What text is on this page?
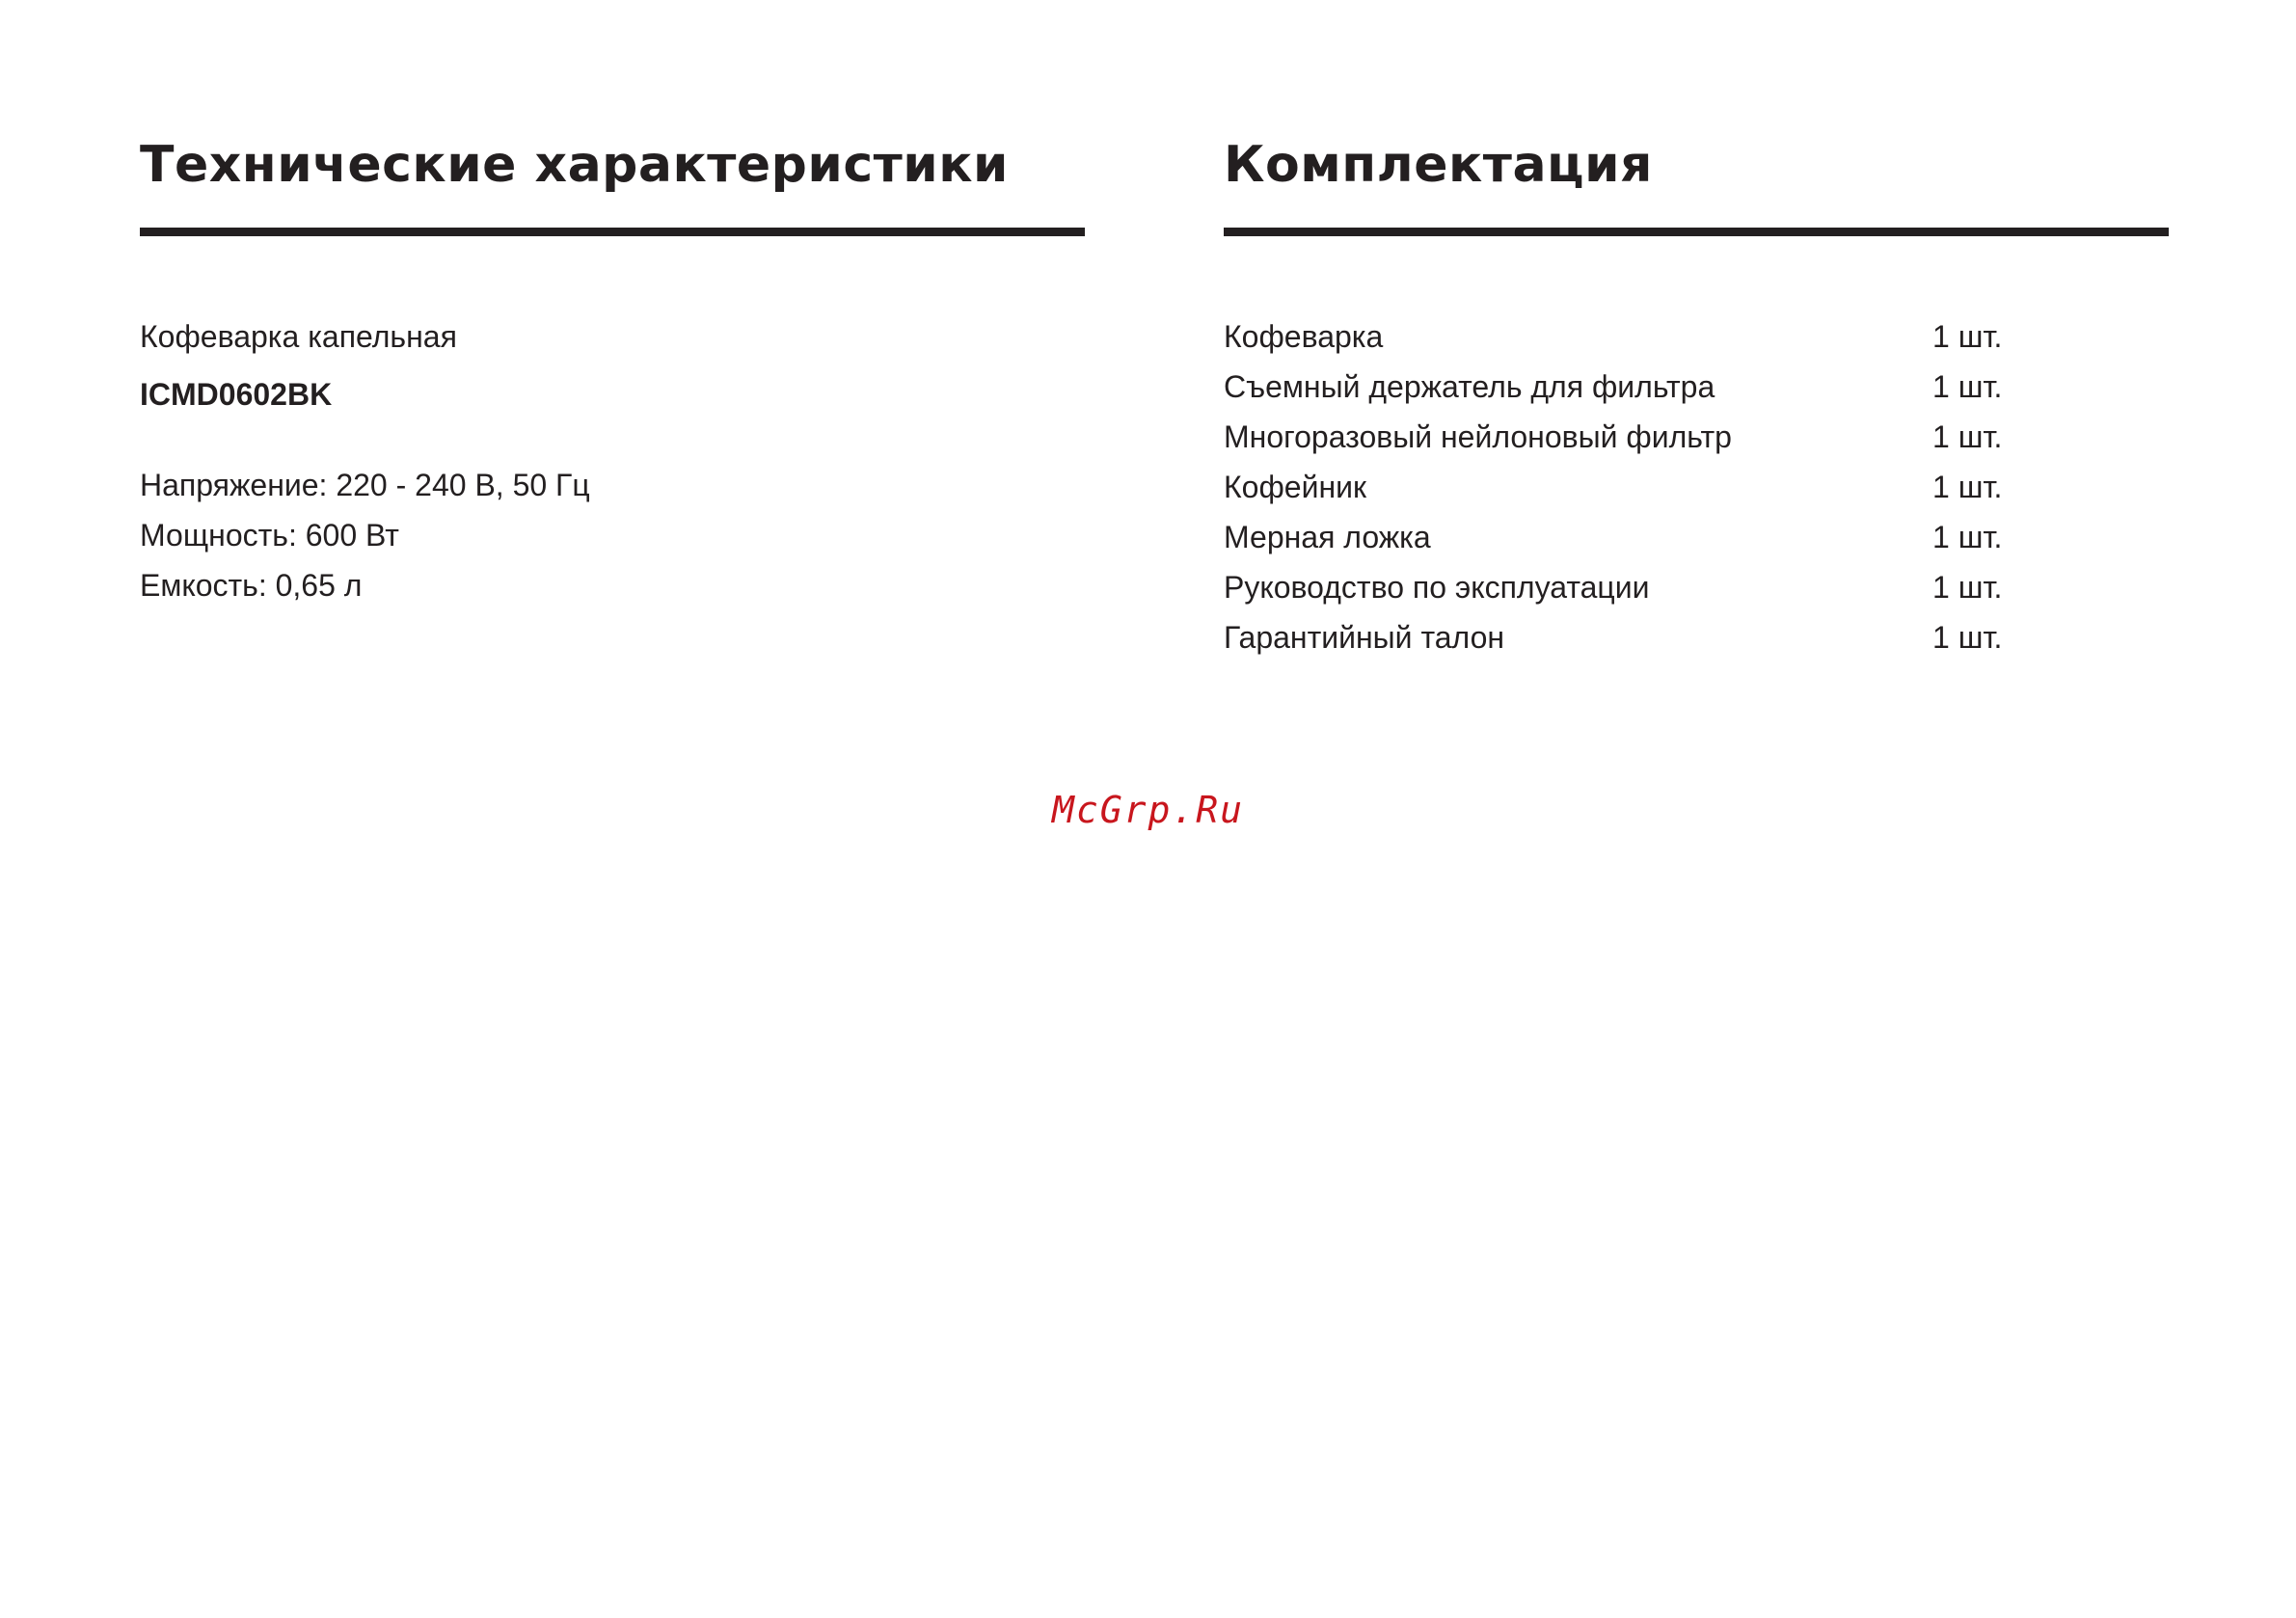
Технические характеристики
Кофеварка капельная
ICMD0602BK
Напряжение: 220 - 240 В, 50 Гц
Мощность: 600 Вт
Емкость: 0,65 л
Комплектация
Кофеварка	1 шт.
Съемный держатель для фильтра	1 шт.
Многоразовый нейлоновый фильтр	1 шт.
Кофейник	1 шт.
Мерная ложка	1 шт.
Руководство по эксплуатации	1 шт.
Гарантийный талон	1 шт.
McGrp.Ru
